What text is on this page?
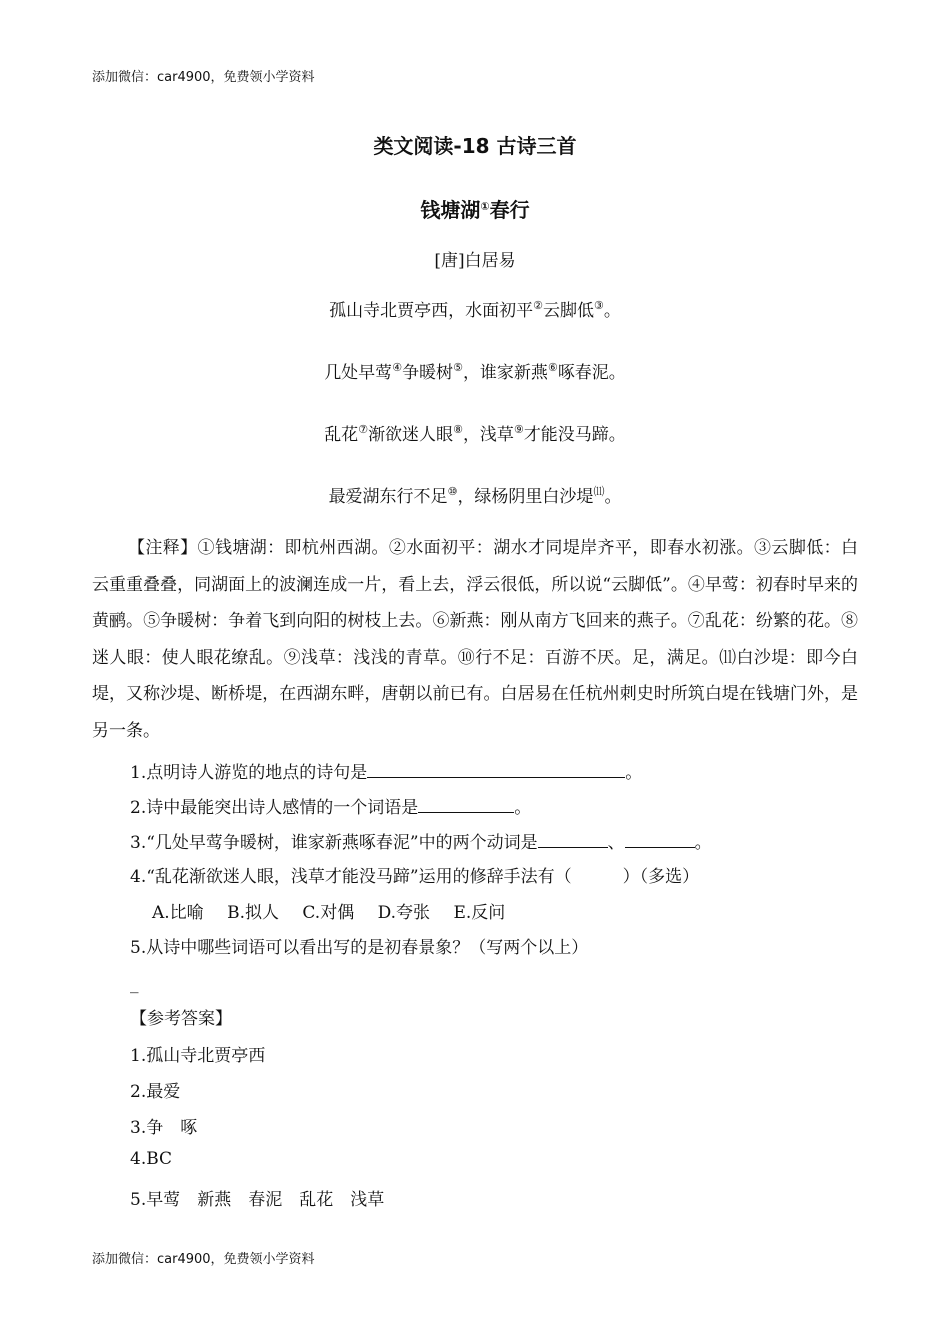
添加微信：car4900，免费领小学资料
类文阅读-18 古诗三首
钱塘湖①春行
[唐]白居易
孤山寺北贾亭西，水面初平②云脚低③。
几处早莺④争暖树⑤，谁家新燕⑥啄春泥。
乱花⑦渐欲迷人眼⑧，浅草⑨才能没马蹄。
最爱湖东行不足⑩，绿杨阴里白沙堤⑾。

【注释】①钱塘湖：即杭州西湖。②水面初平：湖水才同堤岸齐平，即春水初涨。③云脚低：白云重重叠叠，同湖面上的波澜连成一片，看上去，浮云很低，所以说“云脚低”。④早莺：初春时早来的黄鹂。⑤争暖树：争着飞到向阳的树枝上去。⑥新燕：刚从南方飞回来的燕子。⑦乱花：纷繁的花。⑧迷人眼：使人眼花缭乱。⑨浅草：浅浅的青草。⑩行不足：百游不厌。足，满足。⑾白沙堤：即今白堤，又称沙堤、断桥堤，在西湖东畔，唐朝以前已有。白居易在任杭州刺史时所筑白堤在钱塘门外，是另一条。

1.点明诗人游览的地点的诗句是	。
2.诗中最能突出诗人感情的一个词语是	。
3.“几处早莺争暖树，谁家新燕啄春泥”中的两个动词是	、	。
4.“乱花渐欲迷人眼，浅草才能没马蹄”运用的修辞手法有（　　　）（多选）
A.比喻 B.拟人 C.对偶 D.夸张 E.反问
5.从诗中哪些词语可以看出写的是初春景象？（写两个以上）
_
【参考答案】
1.孤山寺北贾亭西
2.最爱
3.争　啄
4.BC
5.早莺　新燕　春泥　乱花　浅草
添加微信：car4900，免费领小学资料
